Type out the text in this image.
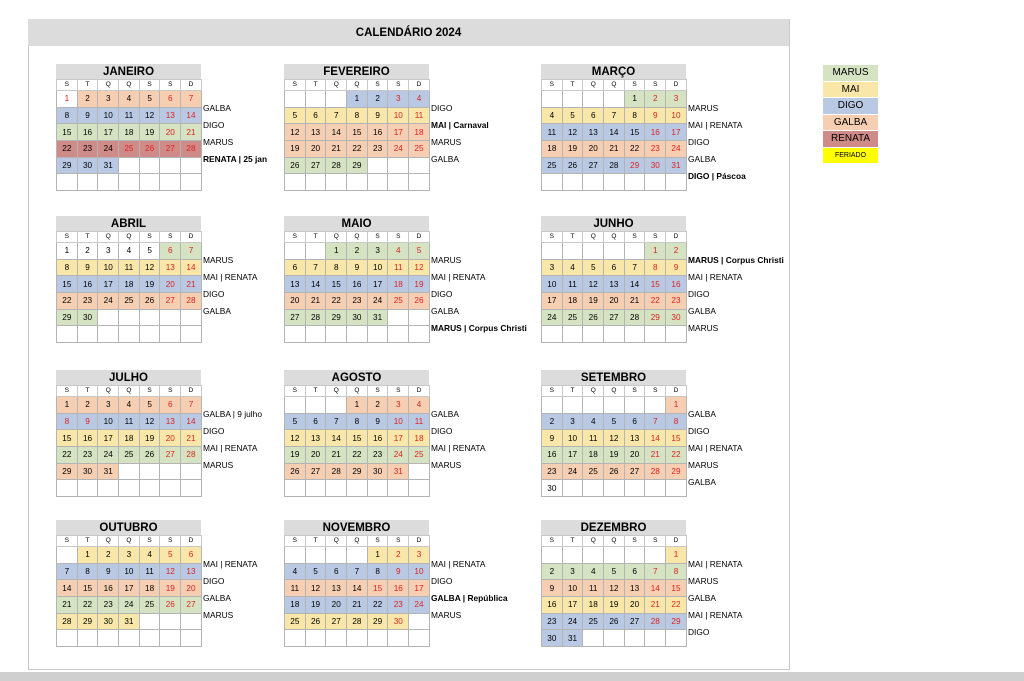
CALENDÁRIO 2024
JANEIRO
S	T	Q	Q	S	S	D
1	2	3	4	5	6	7
8	9	10	11	12	13	14
15	16	17	18	19	20	21
22	23	24	25	26	27	28
29	30	31				

GALBA
DIGO
MARUS
RENATA | 25 jan
FEVEREIRO
S	T	Q	Q	S	S	D
			1	2	3	4
5	6	7	8	9	10	11
12	13	14	15	16	17	18
19	20	21	22	23	24	25
26	27	28	29			

DIGO
MAI | Carnaval
MARUS
GALBA
MARÇO
S	T	Q	Q	S	S	D
				1	2	3
4	5	6	7	8	9	10
11	12	13	14	15	16	17
18	19	20	21	22	23	24
25	26	27	28	29	30	31

MARUS
MAI | RENATA
DIGO
GALBA
DIGO | Páscoa
ABRIL
S	T	Q	Q	S	S	D
1	2	3	4	5	6	7
8	9	10	11	12	13	14
15	16	17	18	19	20	21
22	23	24	25	26	27	28
29	30					

MARUS
MAI | RENATA
DIGO
GALBA
MAIO
S	T	Q	Q	S	S	D
		1	2	3	4	5
6	7	8	9	10	11	12
13	14	15	16	17	18	19
20	21	22	23	24	25	26
27	28	29	30	31		

MARUS
MAI | RENATA
DIGO
GALBA
MARUS | Corpus Christi
JUNHO
S	T	Q	Q	S	S	D
					1	2
3	4	5	6	7	8	9
10	11	12	13	14	15	16
17	18	19	20	21	22	23
24	25	26	27	28	29	30

MARUS | Corpus Christi
MAI | RENATA
DIGO
GALBA
MARUS
JULHO
S	T	Q	Q	S	S	D
1	2	3	4	5	6	7
8	9	10	11	12	13	14
15	16	17	18	19	20	21
22	23	24	25	26	27	28
29	30	31				

GALBA | 9 julho
DIGO
MAI | RENATA
MARUS
AGOSTO
S	T	Q	Q	S	S	D
			1	2	3	4
5	6	7	8	9	10	11
12	13	14	15	16	17	18
19	20	21	22	23	24	25
26	27	28	29	30	31	

GALBA
DIGO
MAI | RENATA
MARUS
SETEMBRO
S	T	Q	Q	S	S	D
						1
2	3	4	5	6	7	8
9	10	11	12	13	14	15
16	17	18	19	20	21	22
23	24	25	26	27	28	29
30						
GALBA
DIGO
MAI | RENATA
MARUS
GALBA
OUTUBRO
S	T	Q	Q	S	S	D
	1	2	3	4	5	6
7	8	9	10	11	12	13
14	15	16	17	18	19	20
21	22	23	24	25	26	27
28	29	30	31			

MAI | RENATA
DIGO
GALBA
MARUS
NOVEMBRO
S	T	Q	Q	S	S	D
				1	2	3
4	5	6	7	8	9	10
11	12	13	14	15	16	17
18	19	20	21	22	23	24
25	26	27	28	29	30	

MAI | RENATA
DIGO
GALBA | República
MARUS
DEZEMBRO
S	T	Q	Q	S	S	D
						1
2	3	4	5	6	7	8
9	10	11	12	13	14	15
16	17	18	19	20	21	22
23	24	25	26	27	28	29
30	31					
MAI | RENATA
MARUS
GALBA
MAI | RENATA
DIGO
MARUS
MAI
DIGO
GALBA
RENATA
FERIADO
